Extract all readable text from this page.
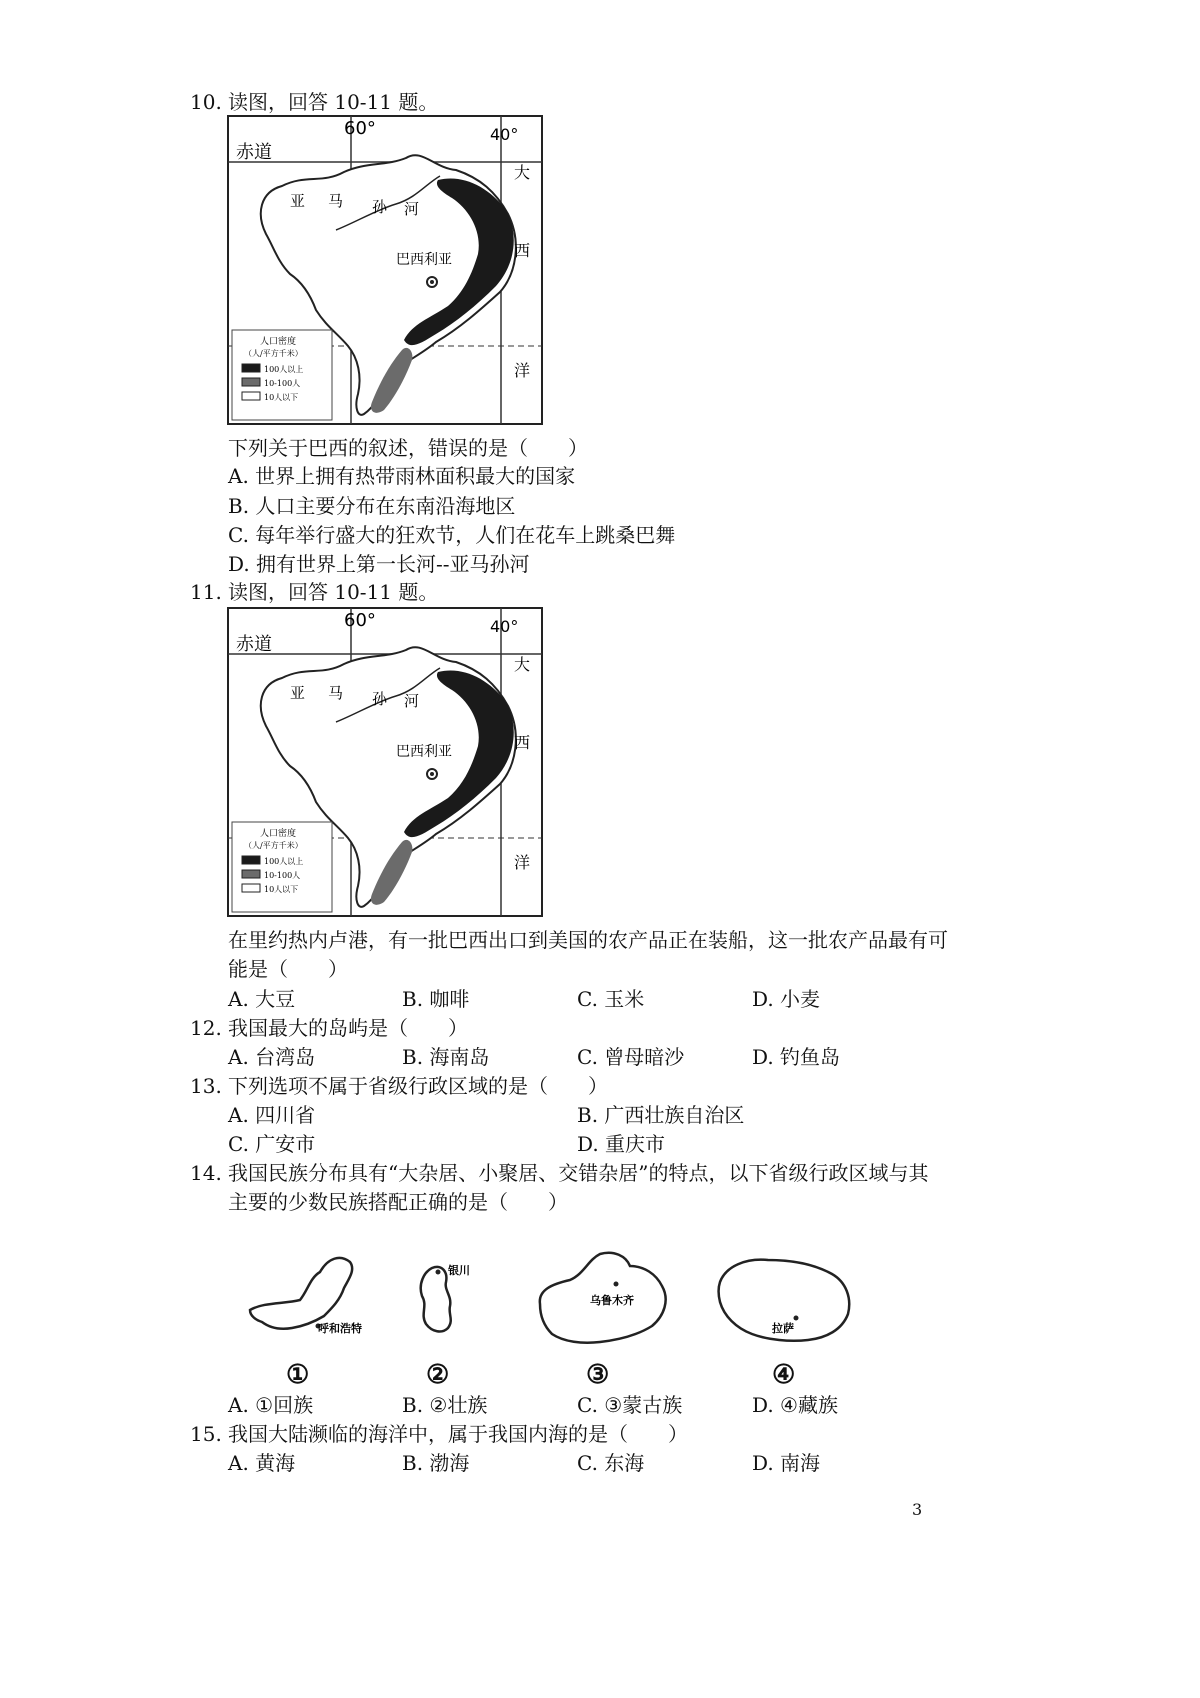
10. 读图，回答 10-11 题。
60°	40°
赤道
亚 马 孙 河
巴西利亚
大
西
洋
人口密度
（人/平方千米）
100人以上
10-100人
10人以下
下列关于巴西的叙述，错误的是（　　）
A. 世界上拥有热带雨林面积最大的国家
B. 人口主要分布在东南沿海地区
C. 每年举行盛大的狂欢节，人们在花车上跳桑巴舞
D. 拥有世界上第一长河--亚马孙河
11. 读图，回答 10-11 题。
60°	40°
赤道
亚 马 孙 河
巴西利亚
大
西
洋
人口密度
（人/平方千米）
100人以上
10-100人
10人以下
在里约热内卢港，有一批巴西出口到美国的农产品正在装船，这一批农产品最有可
能是（　　）
A. 大豆	B. 咖啡	C. 玉米	D. 小麦
12. 我国最大的岛屿是（　　）
A. 台湾岛	B. 海南岛	C. 曾母暗沙	D. 钓鱼岛
13. 下列选项不属于省级行政区域的是（　　）
A. 四川省	B. 广西壮族自治区
C. 广安市	D. 重庆市
14. 我国民族分布具有“大杂居、小聚居、交错杂居”的特点，以下省级行政区域与其
主要的少数民族搭配正确的是（　　）
呼和浩特
银川
乌鲁木齐
拉萨
①	②	③	④
A. ①回族	B. ②壮族	C. ③蒙古族	D. ④藏族
15. 我国大陆濒临的海洋中，属于我国内海的是（　　）
A. 黄海	B. 渤海	C. 东海	D. 南海
3
